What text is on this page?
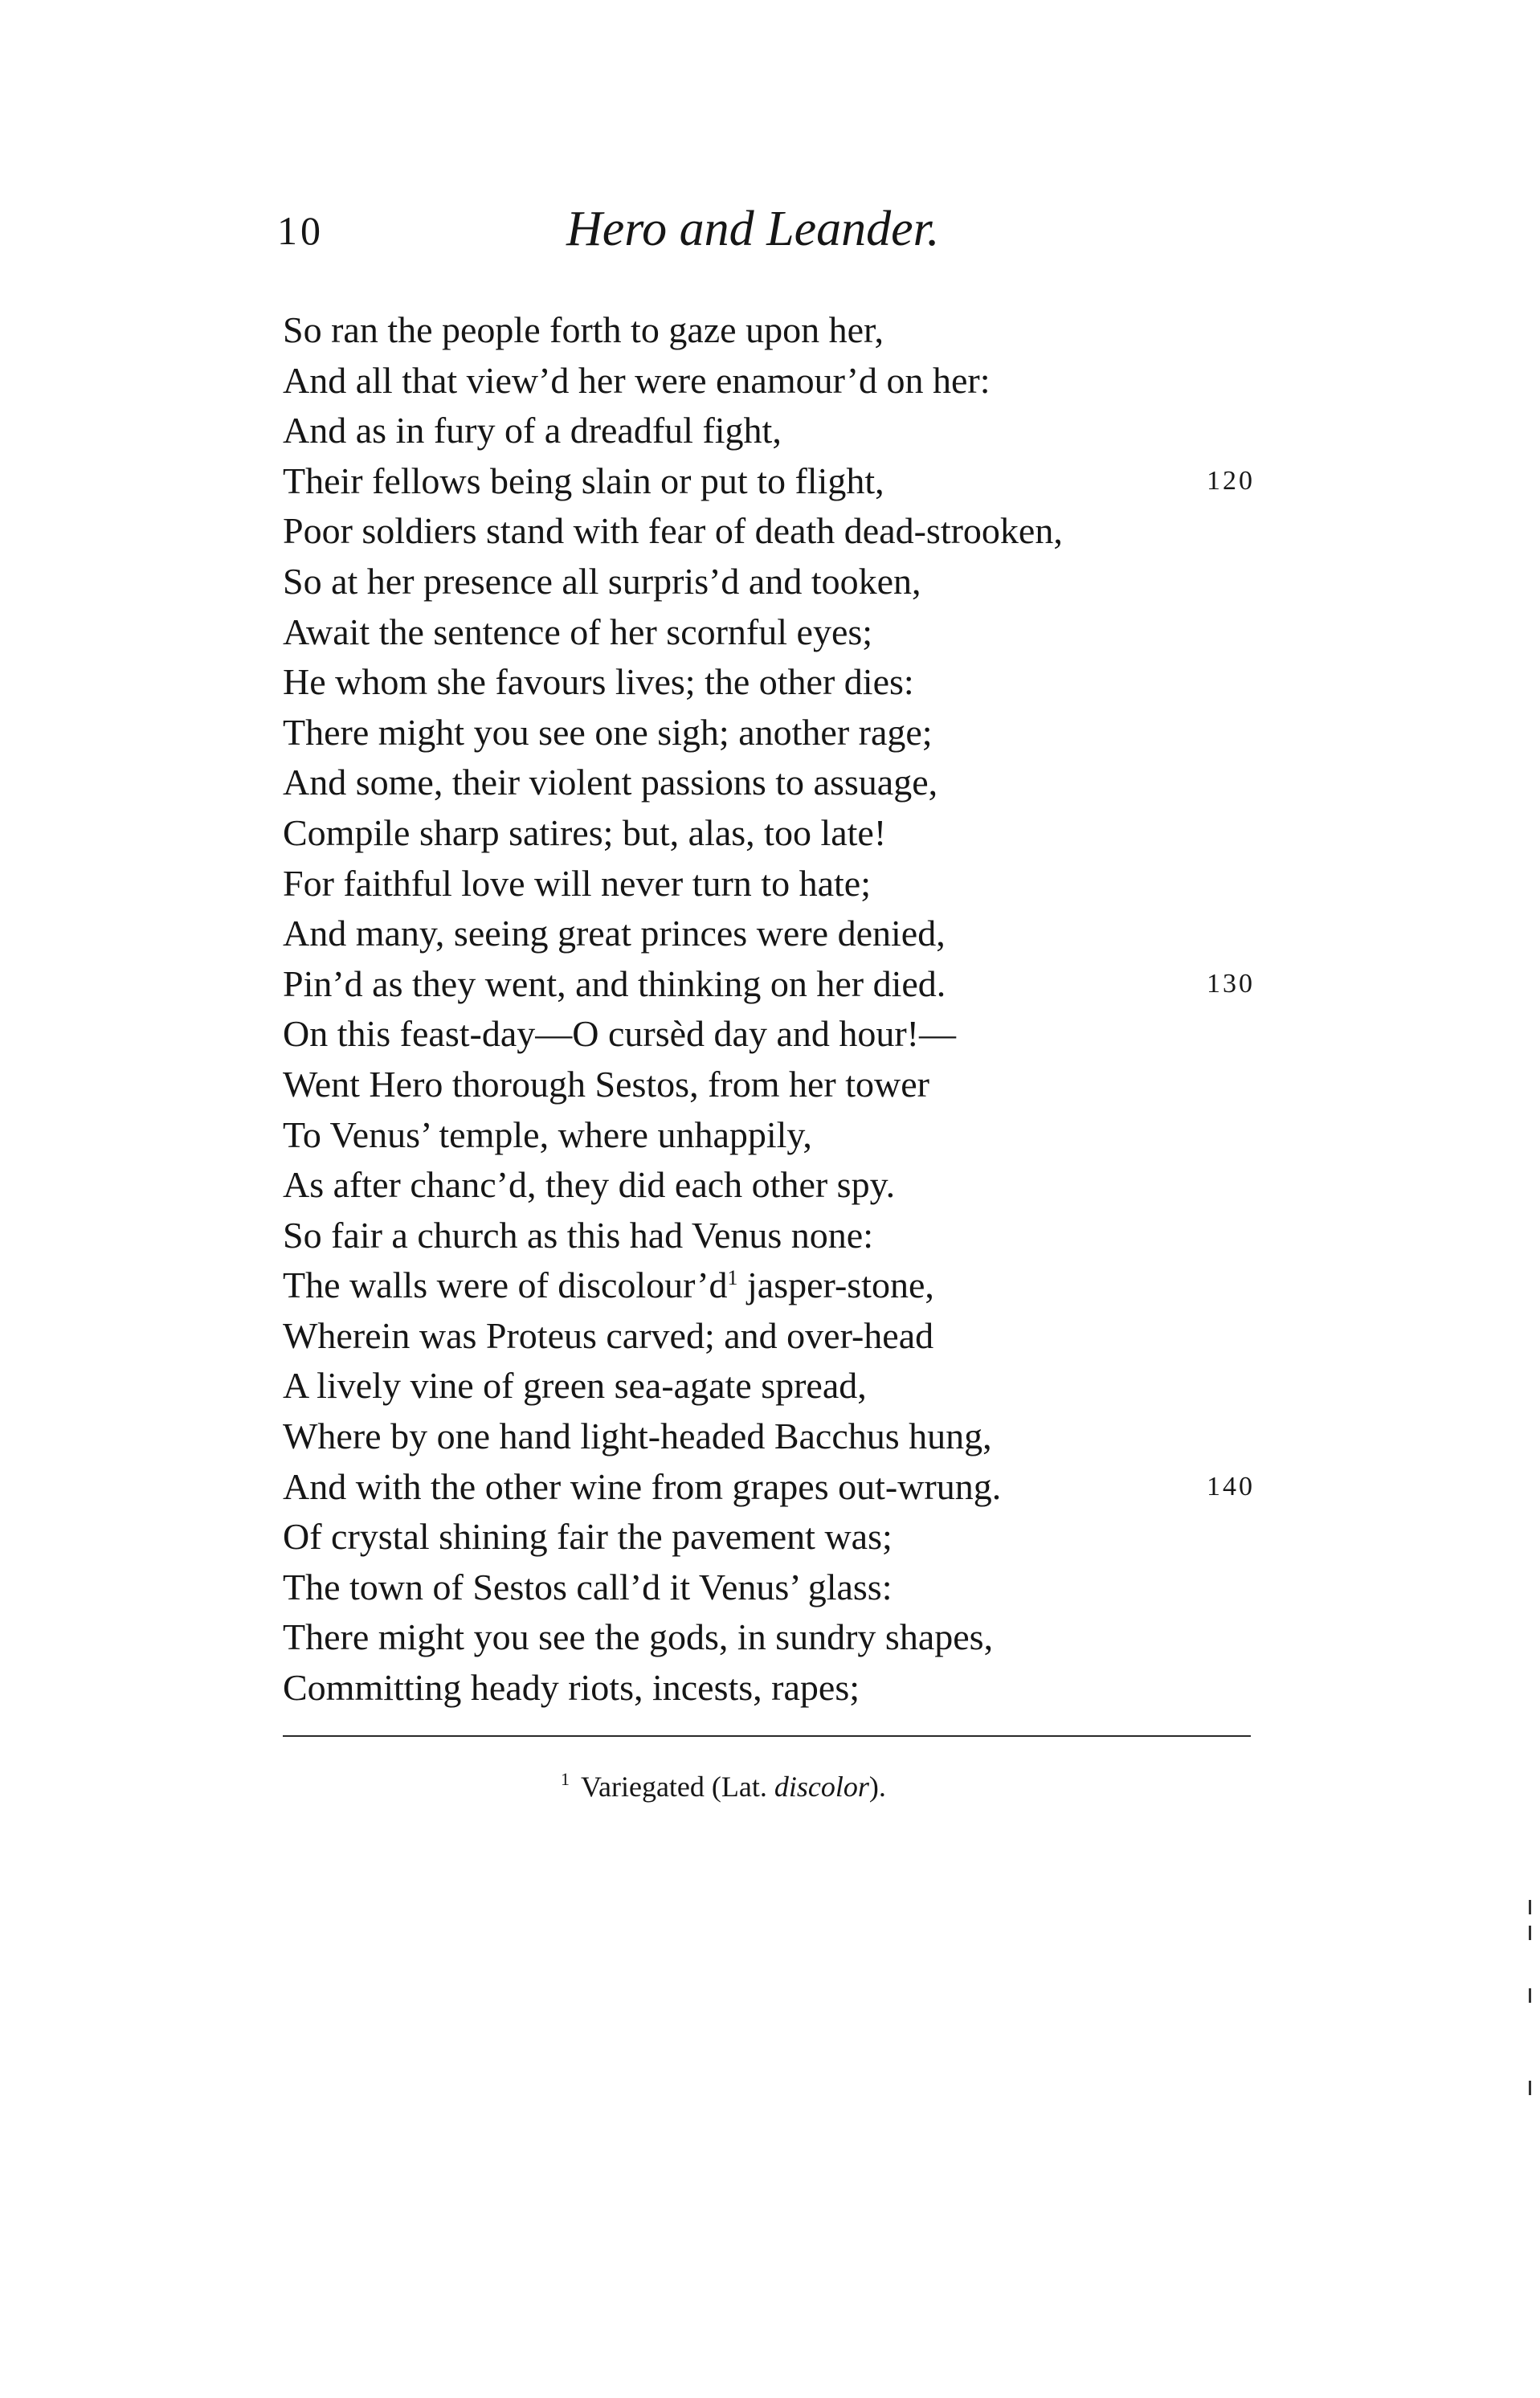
10	Hero and Leander.
So ran the people forth to gaze upon her,
And all that view’d her were enamour’d on her:
And as in fury of a dreadful fight,
Their fellows being slain or put to flight,	120
Poor soldiers stand with fear of death dead-strooken,
So at her presence all surpris’d and tooken,
Await the sentence of her scornful eyes;
He whom she favours lives; the other dies:
There might you see one sigh; another rage;
And some, their violent passions to assuage,
Compile sharp satires; but, alas, too late!
For faithful love will never turn to hate;
And many, seeing great princes were denied,
Pin’d as they went, and thinking on her died.	130
On this feast-day—O cursèd day and hour!—
Went Hero thorough Sestos, from her tower
To Venus’ temple, where unhappily,
As after chanc’d, they did each other spy.
So fair a church as this had Venus none:
The walls were of discolour’d$^1$ jasper-stone,
Wherein was Proteus carved; and over-head
A lively vine of green sea-agate spread,
Where by one hand light-headed Bacchus hung,
And with the other wine from grapes out-wrung.	140
Of crystal shining fair the pavement was;
The town of Sestos call’d it Venus’ glass:
There might you see the gods, in sundry shapes,
Committing heady riots, incests, rapes;
$^1$ Variegated (Lat. discolor).
